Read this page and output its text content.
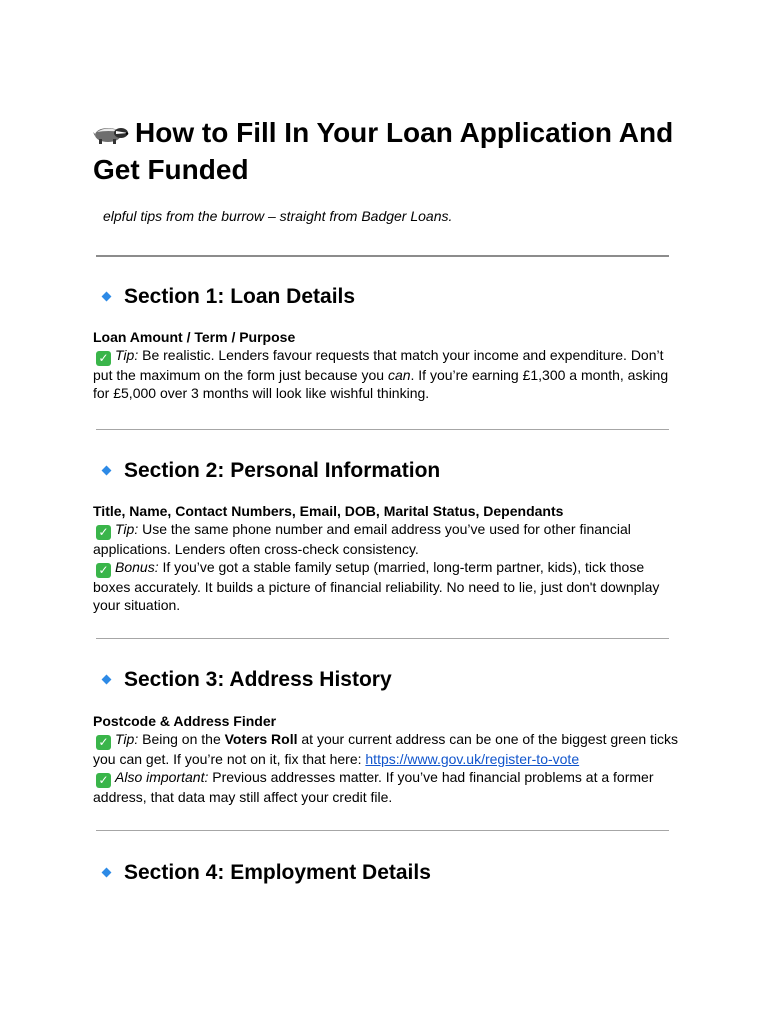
How to Fill In Your Loan Application And Get Funded

elpful tips from the burrow – straight from Badger Loans.

Section 1: Loan Details

Loan Amount / Term / Purpose

✓ Tip: Be realistic. Lenders favour requests that match your income and expenditure. Don’t put the maximum on the form just because you can. If you’re earning £1,300 a month, asking for £5,000 over 3 months will look like wishful thinking.

Section 2: Personal Information

Title, Name, Contact Numbers, Email, DOB, Marital Status, Dependants

✓ Tip: Use the same phone number and email address you’ve used for other financial applications. Lenders often cross-check consistency.

✓ Bonus: If you’ve got a stable family setup (married, long-term partner, kids), tick those boxes accurately. It builds a picture of financial reliability. No need to lie, just don't downplay your situation.

Section 3: Address History

Postcode & Address Finder

✓ Tip: Being on the Voters Roll at your current address can be one of the biggest green ticks you can get. If you’re not on it, fix that here: https://www.gov.uk/register-to-vote

✓ Also important: Previous addresses matter. If you’ve had financial problems at a former address, that data may still affect your credit file.

Section 4: Employment Details
